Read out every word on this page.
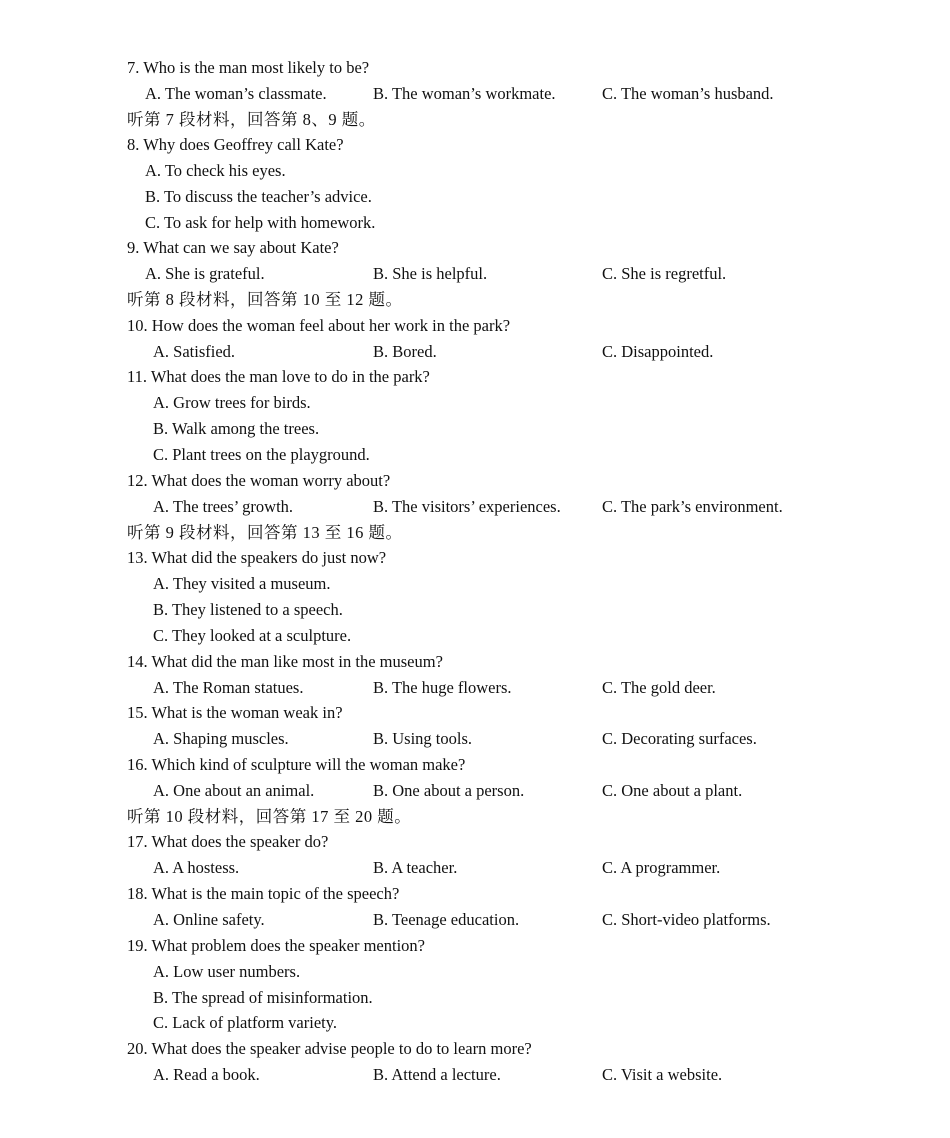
7. Who is the man most likely to be?
A. The woman’s classmate.	B. The woman’s workmate.	C. The woman’s husband.
听第 7 段材料，回答第 8、9 题。
8. Why does Geoffrey call Kate?
A. To check his eyes.
B. To discuss the teacher’s advice.
C. To ask for help with homework.
9. What can we say about Kate?
A. She is grateful.	B. She is helpful.	C. She is regretful.
听第 8 段材料，回答第 10 至 12 题。
10. How does the woman feel about her work in the park?
A. Satisfied.	B. Bored.	C. Disappointed.
11. What does the man love to do in the park?
A. Grow trees for birds.
B. Walk among the trees.
C. Plant trees on the playground.
12. What does the woman worry about?
A. The trees’ growth.	B. The visitors’ experiences.	C. The park’s environment.
听第 9 段材料，回答第 13 至 16 题。
13. What did the speakers do just now?
A. They visited a museum.
B. They listened to a speech.
C. They looked at a sculpture.
14. What did the man like most in the museum?
A. The Roman statues.	B. The huge flowers.	C. The gold deer.
15. What is the woman weak in?
A. Shaping muscles.	B. Using tools.	C. Decorating surfaces.
16. Which kind of sculpture will the woman make?
A. One about an animal.	B. One about a person.	C. One about a plant.
听第 10 段材料，回答第 17 至 20 题。
17. What does the speaker do?
A. A hostess.	B. A teacher.	C. A programmer.
18. What is the main topic of the speech?
A. Online safety.	B. Teenage education.	C. Short-video platforms.
19. What problem does the speaker mention?
A. Low user numbers.
B. The spread of misinformation.
C. Lack of platform variety.
20. What does the speaker advise people to do to learn more?
A. Read a book.	B. Attend a lecture.	C. Visit a website.
